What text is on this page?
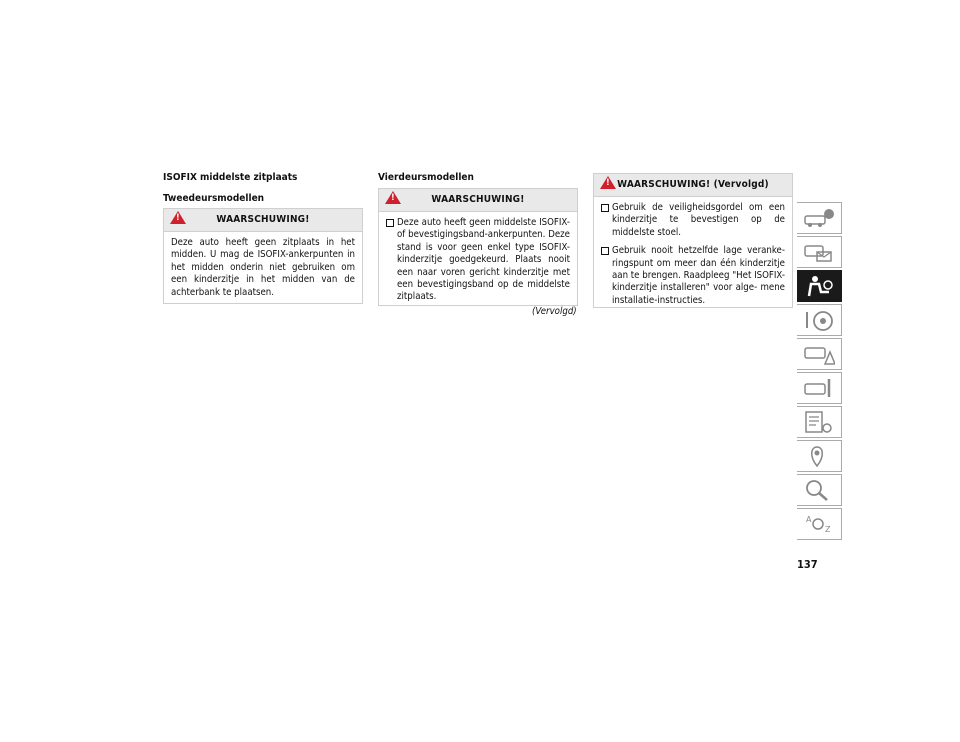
ISOFIX middelste zitplaats
Tweedeursmodellen
!	WAARSCHUWING!
Deze auto heeft geen zitplaats in het midden. U mag de ISOFIX-ankerpunten in het midden onderin niet gebruiken om een kinderzitje in het midden van de achterbank te plaatsen.
Vierdeursmodellen
!	WAARSCHUWING!
Deze auto heeft geen middelste ISOFIX- of bevestigingsband-ankerpunten. Deze stand is voor geen enkel type ISOFIX-kinderzitje goedgekeurd. Plaats nooit een naar voren gericht kinderzitje met een bevestigingsband op de middelste zitplaats.
(Vervolgd)
! WAARSCHUWING! (Vervolgd)
Gebruik de veiligheidsgordel om een kinderzitje te bevestigen op de middelste stoel.
Gebruik nooit hetzelfde lage veranke- ringspunt om meer dan één kinderzitje aan te brengen. Raadpleeg "Het ISOFIX-kinderzitje installeren" voor alge- mene installatie-instructies.
A
Z
137
